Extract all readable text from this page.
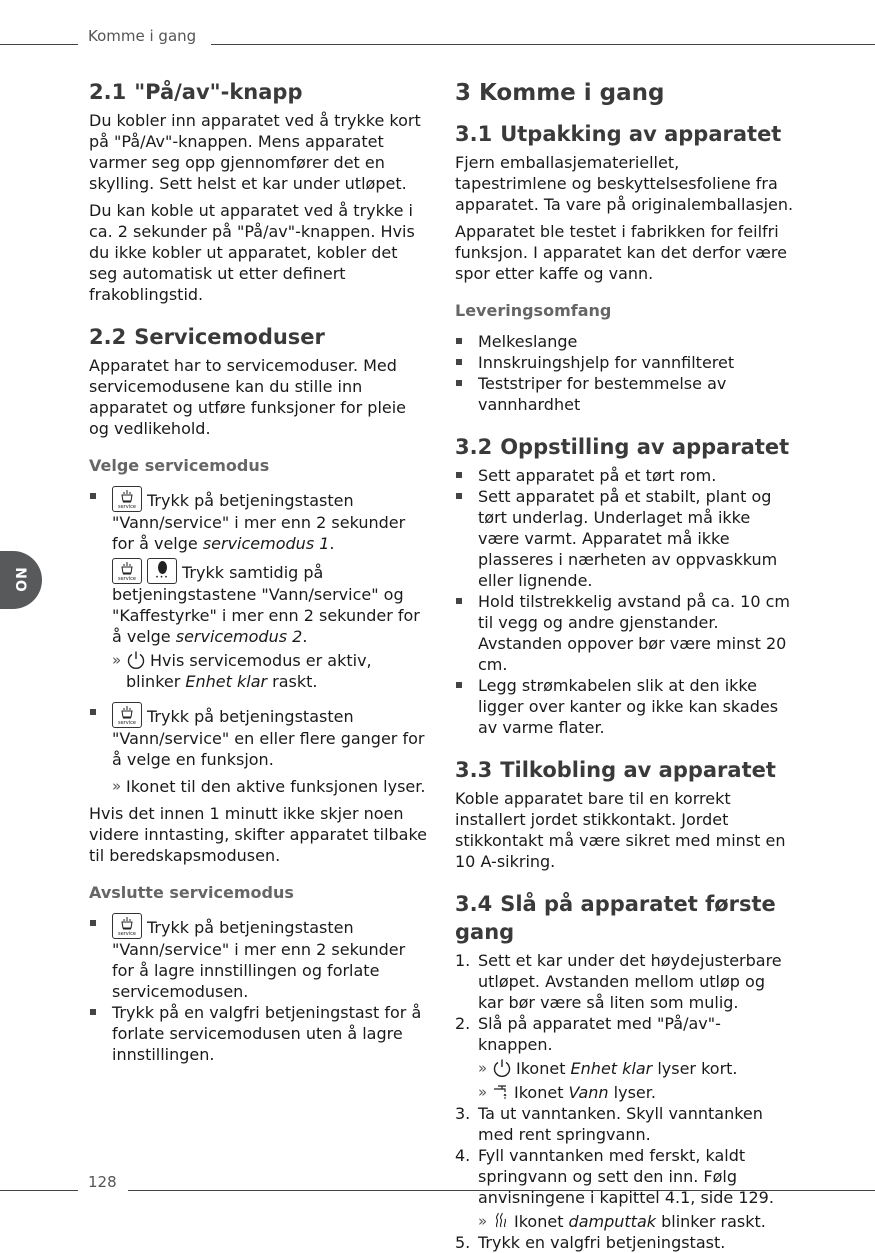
Komme i gang
NO
2.1 "På/av"-knapp

Du kobler inn apparatet ved å trykke kort på "På/Av"-knappen. Mens apparatet varmer seg opp gjennomfører det en skylling. Sett helst et kar under utløpet.

Du kan koble ut apparatet ved å trykke i ca. 2 sekunder på "På/av"-knappen. Hvis du ikke kobler ut apparatet, kobler det seg automatisk ut etter definert frakoblingstid.

2.2 Servicemoduser

Apparatet har to servicemoduser. Med servicemodusene kan du stille inn apparatet og utføre funksjoner for pleie og vedlikehold.

Velge servicemodus
service Trykk på betjeningstasten "Vann/service" i mer enn 2 sekunder for å velge servicemodus 1.
service	••• Trykk samtidig på betjeningstastene "Vann/service" og "Kaffestyrke" i mer enn 2 sekunder for å velge servicemodus 2.
» Hvis servicemodus er aktiv, blinker Enhet klar raskt.
service Trykk på betjeningstasten "Vann/service" en eller flere ganger for å velge en funksjon.
» Ikonet til den aktive funksjonen lyser.

Hvis det innen 1 minutt ikke skjer noen videre inntasting, skifter apparatet tilbake til beredskapsmodusen.

Avslutte servicemodus
service Trykk på betjeningstasten "Vann/service" i mer enn 2 sekunder for å lagre innstillingen og forlate servicemodusen.
Trykk på en valgfri betjeningstast for å forlate servicemodusen uten å lagre innstillingen.
3 Komme i gang
3.1 Utpakking av apparatet

Fjern emballasjemateriellet, tapestrimlene og beskyttelsesfoliene fra apparatet. Ta vare på originalemballasjen.

Apparatet ble testet i fabrikken for feilfri funksjon. I apparatet kan det derfor være spor etter kaffe og vann.

Leveringsomfang
Melkeslange
Innskruingshjelp for vannfilteret
Teststriper for bestemmelse av vannhardhet
3.2 Oppstilling av apparatet
Sett apparatet på et tørt rom.
Sett apparatet på et stabilt, plant og tørt underlag. Underlaget må ikke være varmt. Apparatet må ikke plasseres i nærheten av oppvaskkum eller lignende.
Hold tilstrekkelig avstand på ca. 10 cm til vegg og andre gjenstander. Avstanden oppover bør være minst 20 cm.
Legg strømkabelen slik at den ikke ligger over kanter og ikke kan skades av varme flater.
3.3 Tilkobling av apparatet

Koble apparatet bare til en korrekt installert jordet stikkontakt. Jordet stikkontakt må være sikret med minst en 10 A-sikring.

3.4 Slå på apparatet første gang
1. Sett et kar under det høydejusterbare utløpet. Avstanden mellom utløp og kar bør være så liten som mulig.
2. Slå på apparatet med "På/av"-knappen.
» Ikonet Enhet klar lyser kort.
» Ikonet Vann lyser.
3. Ta ut vanntanken. Skyll vanntanken med rent springvann.
4. Fyll vanntanken med ferskt, kaldt springvann og sett den inn. Følg anvisningene i kapittel 4.1, side 129.
» Ikonet damputtak blinker raskt.
5. Trykk en valgfri betjeningstast.
128
